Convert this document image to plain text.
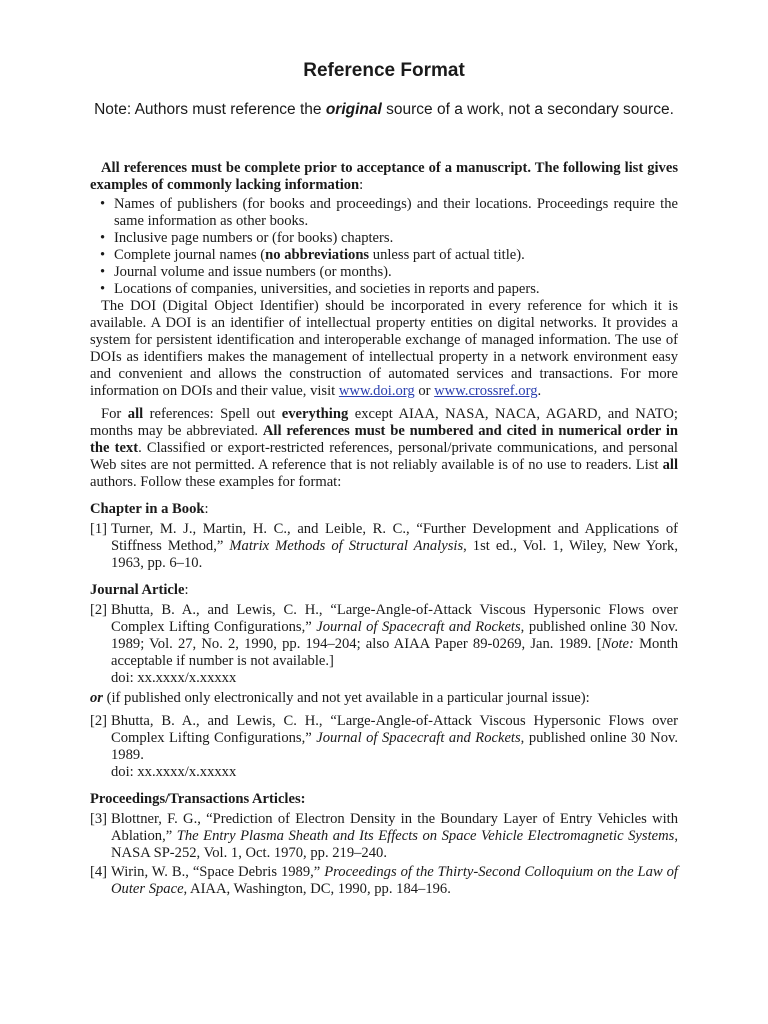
Reference Format
Note: Authors must reference the original source of a work, not a secondary source.

All references must be complete prior to acceptance of a manuscript. The following list gives examples of commonly lacking information:

• Names of publishers (for books and proceedings) and their locations. Proceedings require the same information as other books.
• Inclusive page numbers or (for books) chapters.
• Complete journal names (no abbreviations unless part of actual title).
• Journal volume and issue numbers (or months).
• Locations of companies, universities, and societies in reports and papers.

The DOI (Digital Object Identifier) should be incorporated in every reference for which it is available. A DOI is an identifier of intellectual property entities on digital networks. It provides a system for persistent identification and interoperable exchange of managed information. The use of DOIs as identifiers makes the management of intellectual property in a network environment easy and convenient and allows the construction of automated services and transactions. For more information on DOIs and their value, visit www.doi.org or www.crossref.org.

For all references: Spell out everything except AIAA, NASA, NACA, AGARD, and NATO; months may be abbreviated. All references must be numbered and cited in numerical order in the text. Classified or export-restricted references, personal/private communications, and personal Web sites are not permitted. A reference that is not reliably available is of no use to readers. List all authors. Follow these examples for format:

Chapter in a Book:
[1] Turner, M. J., Martin, H. C., and Leible, R. C., “Further Development and Applications of Stiffness Method,” Matrix Methods of Structural Analysis, 1st ed., Vol. 1, Wiley, New York, 1963, pp. 6–10.
Journal Article:
[2] Bhutta, B. A., and Lewis, C. H., “Large-Angle-of-Attack Viscous Hypersonic Flows over Complex Lifting Configurations,” Journal of Spacecraft and Rockets, published online 30 Nov. 1989; Vol. 27, No. 2, 1990, pp. 194–204; also AIAA Paper 89-0269, Jan. 1989. [Note: Month acceptable if number is not available.]
doi: xx.xxxx/x.xxxxx

or (if published only electronically and not yet available in a particular journal issue):

[2] Bhutta, B. A., and Lewis, C. H., “Large-Angle-of-Attack Viscous Hypersonic Flows over Complex Lifting Configurations,” Journal of Spacecraft and Rockets, published online 30 Nov. 1989.
doi: xx.xxxx/x.xxxxx
Proceedings/Transactions Articles:
[3] Blottner, F. G., “Prediction of Electron Density in the Boundary Layer of Entry Vehicles with Ablation,” The Entry Plasma Sheath and Its Effects on Space Vehicle Electromagnetic Systems, NASA SP-252, Vol. 1, Oct. 1970, pp. 219–240.
[4] Wirin, W. B., “Space Debris 1989,” Proceedings of the Thirty-Second Colloquium on the Law of Outer Space, AIAA, Washington, DC, 1990, pp. 184–196.
